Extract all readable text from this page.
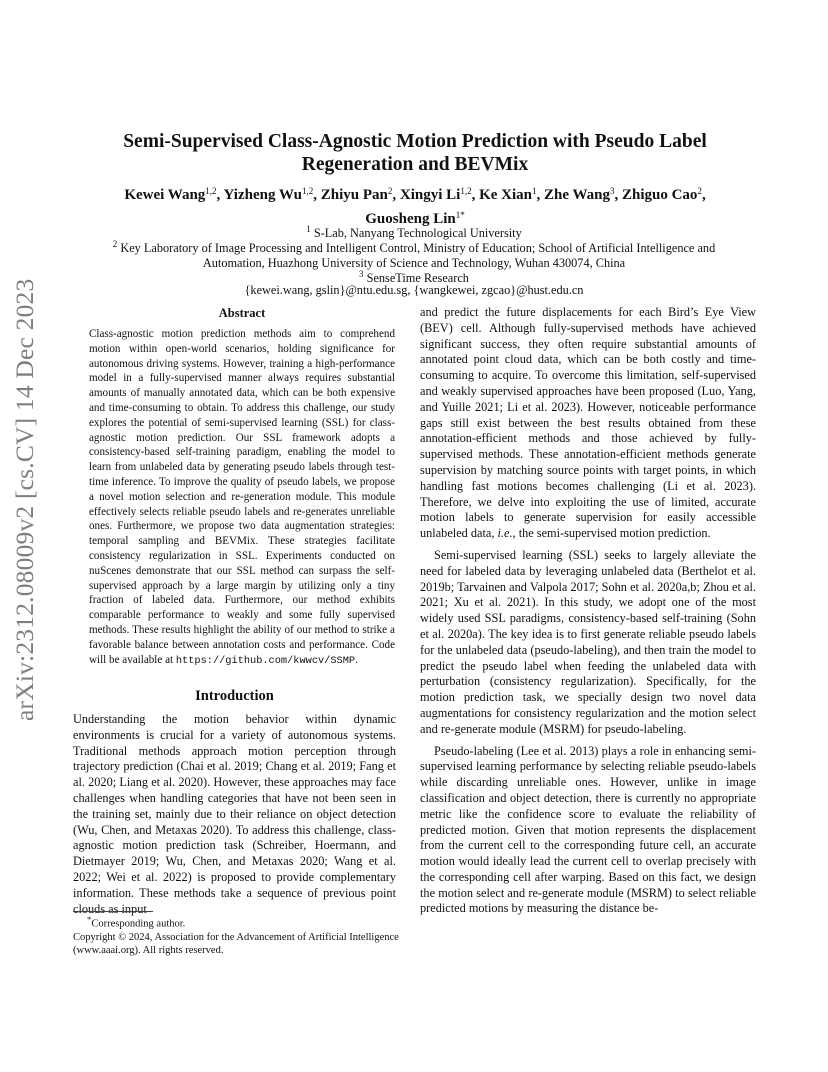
arXiv:2312.08009v2 [cs.CV] 14 Dec 2023
Semi-Supervised Class-Agnostic Motion Prediction with Pseudo Label Regeneration and BEVMix
Kewei Wang$^{1,2}$, Yizheng Wu$^{1,2}$, Zhiyu Pan$^2$, Xingyi Li$^{1,2}$, Ke Xian$^1$, Zhe Wang$^3$, Zhiguo Cao$^2$,
Guosheng Lin$^{1*}$
$^1$ S-Lab, Nanyang Technological University
$^2$ Key Laboratory of Image Processing and Intelligent Control, Ministry of Education; School of Artificial Intelligence and
Automation, Huazhong University of Science and Technology, Wuhan 430074, China
$^3$ SenseTime Research
{kewei.wang, gslin}@ntu.edu.sg, {wangkewei, zgcao}@hust.edu.cn
Abstract

Class-agnostic motion prediction methods aim to comprehend motion within open-world scenarios, holding significance for autonomous driving systems. However, training a high-performance model in a fully-supervised manner always requires substantial amounts of manually annotated data, which can be both expensive and time-consuming to obtain. To address this challenge, our study explores the potential of semi-supervised learning (SSL) for class-agnostic motion prediction. Our SSL framework adopts a consistency-based self-training paradigm, enabling the model to learn from unlabeled data by generating pseudo labels through test-time inference. To improve the quality of pseudo labels, we propose a novel motion selection and re-generation module. This module effectively selects reliable pseudo labels and re-generates unreliable ones. Furthermore, we propose two data augmentation strategies: temporal sampling and BEVMix. These strategies facilitate consistency regularization in SSL. Experiments conducted on nuScenes demonstrate that our SSL method can surpass the self-supervised approach by a large margin by utilizing only a tiny fraction of labeled data. Furthermore, our method exhibits comparable performance to weakly and some fully supervised methods. These results highlight the ability of our method to strike a favorable balance between annotation costs and performance. Code will be available at https://github.com/kwwcv/SSMP.

Introduction

Understanding the motion behavior within dynamic environments is crucial for a variety of autonomous systems. Traditional methods approach motion perception through trajectory prediction (Chai et al. 2019; Chang et al. 2019; Fang et al. 2020; Liang et al. 2020). However, these approaches may face challenges when handling categories that have not been seen in the training set, mainly due to their reliance on object detection (Wu, Chen, and Metaxas 2020). To address this challenge, class-agnostic motion prediction task (Schreiber, Hoermann, and Dietmayer 2019; Wu, Chen, and Metaxas 2020; Wang et al. 2022; Wei et al. 2022) is proposed to provide complementary information. These methods take a sequence of previous point clouds as input

and predict the future displacements for each Bird’s Eye View (BEV) cell. Although fully-supervised methods have achieved significant success, they often require substantial amounts of annotated point cloud data, which can be both costly and time-consuming to acquire. To overcome this limitation, self-supervised and weakly supervised approaches have been proposed (Luo, Yang, and Yuille 2021; Li et al. 2023). However, noticeable performance gaps still exist between the best results obtained from these annotation-efficient methods and those achieved by fully-supervised methods. These annotation-efficient methods generate supervision by matching source points with target points, in which handling fast motions becomes challenging (Li et al. 2023). Therefore, we delve into exploiting the use of limited, accurate motion labels to generate supervision for easily accessible unlabeled data, i.e., the semi-supervised motion prediction.

Semi-supervised learning (SSL) seeks to largely alleviate the need for labeled data by leveraging unlabeled data (Berthelot et al. 2019b; Tarvainen and Valpola 2017; Sohn et al. 2020a,b; Zhou et al. 2021; Xu et al. 2021). In this study, we adopt one of the most widely used SSL paradigms, consistency-based self-training (Sohn et al. 2020a). The key idea is to first generate reliable pseudo labels for the unlabeled data (pseudo-labeling), and then train the model to predict the pseudo label when feeding the unlabeled data with perturbation (consistency regularization). Specifically, for the motion prediction task, we specially design two novel data augmentations for consistency regularization and the motion select and re-generate module (MSRM) for pseudo-labeling.

Pseudo-labeling (Lee et al. 2013) plays a role in enhancing semi-supervised learning performance by selecting reliable pseudo-labels while discarding unreliable ones. However, unlike in image classification and object detection, there is currently no appropriate metric like the confidence score to evaluate the reliability of predicted motion. Given that motion represents the displacement from the current cell to the corresponding future cell, an accurate motion would ideally lead the current cell to overlap precisely with the corresponding cell after warping. Based on this fact, we design the motion select and re-generate module (MSRM) to select reliable predicted motions by measuring the distance be-

*Corresponding author.

Copyright © 2024, Association for the Advancement of Artificial Intelligence (www.aaai.org). All rights reserved.
